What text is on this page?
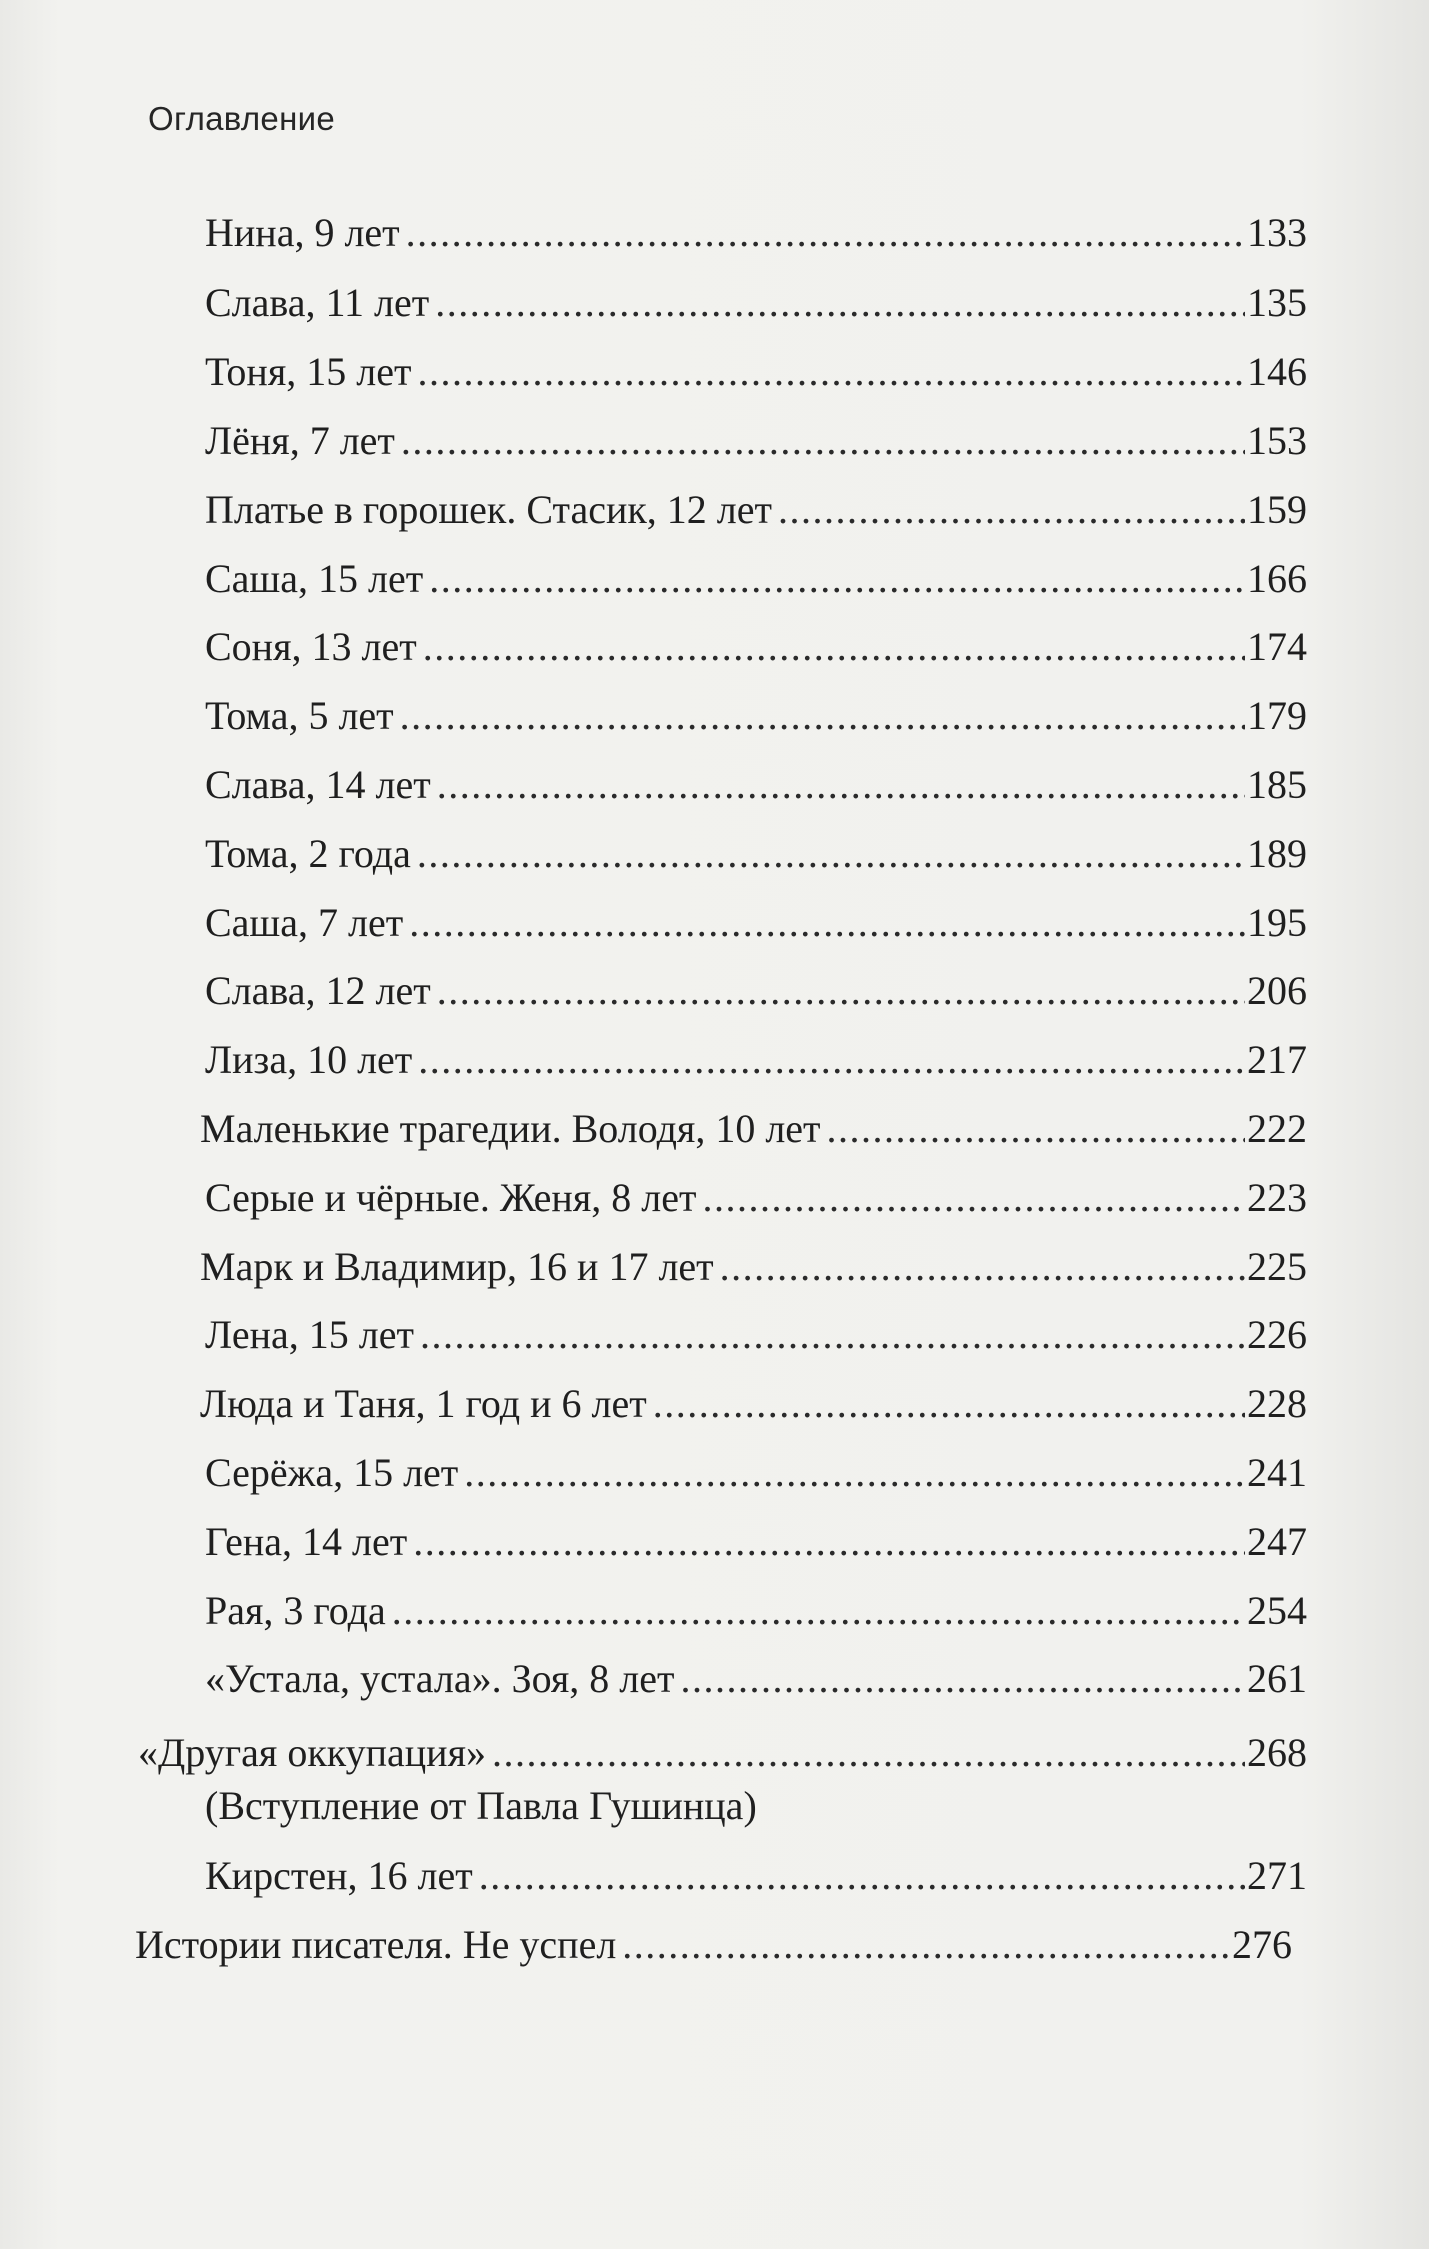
Оглавление
Нина, 9 лет .....	133
Слава, 11 лет .....	135
Тоня, 15 лет .....	146
Лёня, 7 лет .....	153
Платье в горошек. Стасик, 12 лет .....	159
Саша, 15 лет .....	166
Соня, 13 лет .....	174
Тома, 5 лет .....	179
Слава, 14 лет .....	185
Тома, 2 года .....	189
Саша, 7 лет .....	195
Слава, 12 лет .....	206
Лиза, 10 лет .....	217
Маленькие трагедии. Володя, 10 лет .....	222
Серые и чёрные. Женя, 8 лет .....	223
Марк и Владимир, 16 и 17 лет .....	225
Лена, 15 лет .....	226
Люда и Таня, 1 год и 6 лет .....	228
Серёжа, 15 лет .....	241
Гена, 14 лет .....	247
Рая, 3 года .....	254
«Устала, устала». Зоя, 8 лет .....	261
«Другая оккупация» .....	268
(Вступление от Павла Гушинца)
Кирстен, 16 лет .....	271
Истории писателя. Не успел .....	276
